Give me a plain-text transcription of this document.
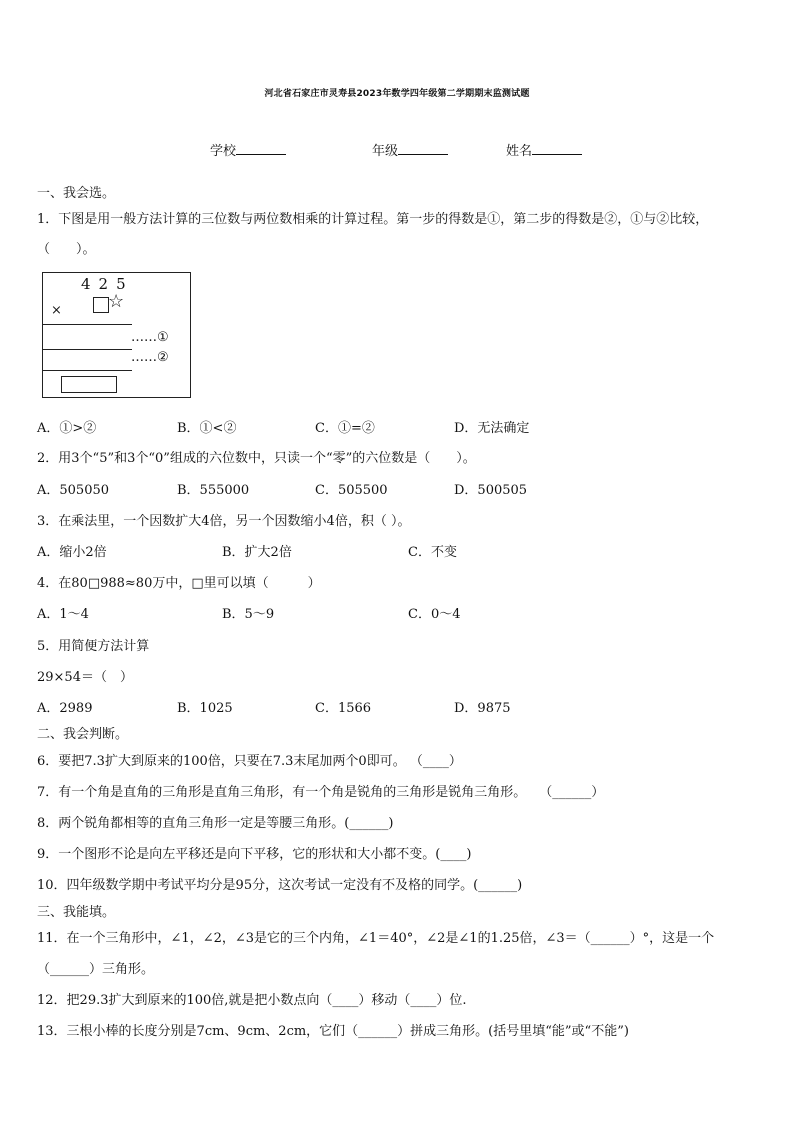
河北省石家庄市灵寿县2023年数学四年级第二学期期末监测试题
学校	年级	姓名
一、我会选。
1．下图是用一般方法计算的三位数与两位数相乘的计算过程。第一步的得数是①，第二步的得数是②，①与②比较，
（　　）。
425
×	☆
……①
……②
A．①>②	B．①<②	C．①=②	D．无法确定
2．用3个“5”和3个“0”组成的六位数中，只读一个“零”的六位数是（　　）。
A．505050	B．555000	C．505500	D．500505
3．在乘法里，一个因数扩大4倍，另一个因数缩小4倍，积（ ）。
A．缩小2倍	B．扩大2倍	C．不变
4．在80□988≈80万中，□里可以填（　　　）
A．1～4	B．5～9	C．0～4
5．用简便方法计算
29×54＝（　）
A．2989	B．1025	C．1566	D．9875
二、我会判断。
6．要把7.3扩大到原来的100倍，只要在7.3末尾加两个0即可。 （____）
7．有一个角是直角的三角形是直角三角形，有一个角是锐角的三角形是锐角三角形。　　（______）
8．两个锐角都相等的直角三角形一定是等腰三角形。(______)
9．一个图形不论是向左平移还是向下平移，它的形状和大小都不变。(____)
10．四年级数学期中考试平均分是95分，这次考试一定没有不及格的同学。(______)
三、我能填。
11．在一个三角形中，∠1，∠2，∠3是它的三个内角，∠1＝40°，∠2是∠1的1.25倍，∠3＝（______）°，这是一个
（______）三角形。
12．把29.3扩大到原来的100倍,就是把小数点向（____）移动（____）位.
13．三根小棒的长度分别是7cm、9cm、2cm，它们（______）拼成三角形。(括号里填“能”或“不能”)
